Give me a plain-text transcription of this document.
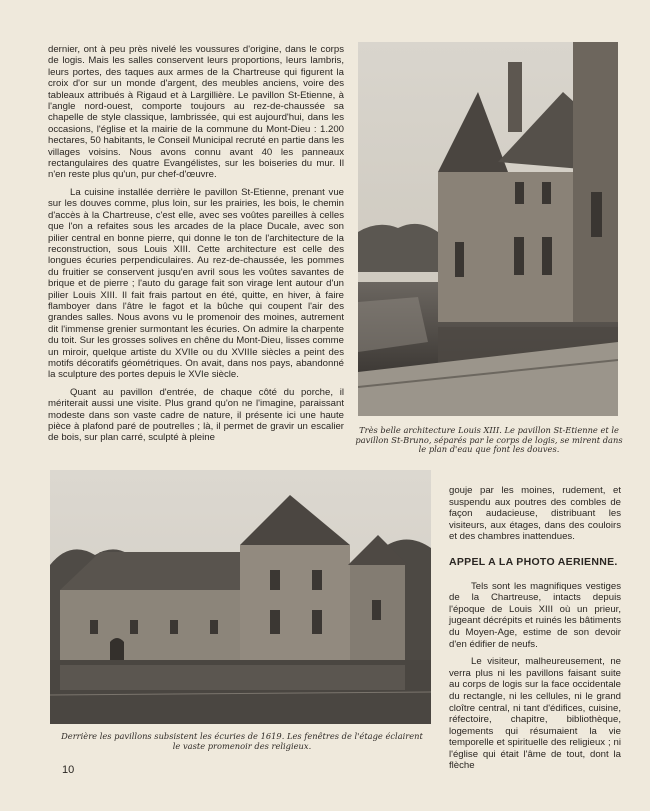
dernier, ont à peu près nivelé les voussures d'origine, dans le corps de logis. Mais les salles conservent leurs proportions, leurs lambris, leurs portes, des taques aux armes de la Chartreuse qui figurent la croix d'or sur un monde d'argent, des meubles anciens, voire des tableaux attribués à Rigaud et à Largillière. Le pavillon St-Etienne, à l'angle nord-ouest, comporte toujours au rez-de-chaussée sa chapelle de style classique, lambrissée, qui est aujourd'hui, dans les occasions, l'église et la mairie de la commune du Mont-Dieu : 1.200 hectares, 50 habitants, le Conseil Municipal recruté en partie dans les villages voisins. Nous avons connu avant 40 les panneaux rectangulaires des quatre Evangélistes, sur les boiseries du mur. Il n'en reste plus qu'un, pur chef-d'œuvre.

La cuisine installée derrière le pavillon St-Etienne, prenant vue sur les douves comme, plus loin, sur les prairies, les bois, le chemin d'accès à la Chartreuse, c'est elle, avec ses voûtes pareilles à celles que l'on a refaites sous les arcades de la place Ducale, avec son pilier central en bonne pierre, qui donne le ton de l'architecture de la reconstruction, sous Louis XIII. Cette architecture est celle des longues écuries perpendiculaires. Au rez-de-chaussée, les pommes du fruitier se conservent jusqu'en avril sous les voûtes savantes de brique et de pierre ; l'auto du garage fait son virage lent autour d'un pilier Louis XIII. Il fait frais partout en été, quitte, en hiver, à faire flamboyer dans l'âtre le fagot et la bûche qui coupent l'air des grandes salles. Nous avons vu le promenoir des moines, autrement dit l'immense grenier surmontant les écuries. On admire la charpente du toit. Sur les grosses solives en chêne du Mont-Dieu, lisses comme un miroir, quelque artiste du XVIIe ou du XVIIIe siècles a peint des motifs décoratifs géométriques. On avait, dans nos pays, abandonné la sculpture des portes depuis le XVIe siècle.

Quant au pavillon d'entrée, de chaque côté du porche, il mériterait aussi une visite. Plus grand qu'on ne l'imagine, paraissant modeste dans son vaste cadre de nature, il présente ici une haute pièce à plafond paré de poutrelles ; là, il permet de gravir un escalier de bois, sur plan carré, sculpté à pleine

Très belle architecture Louis XIII. Le pavillon St-Etienne et le pavillon St-Bruno, séparés par le corps de logis, se mirent dans le plan d'eau que font les douves.
Derrière les pavillons subsistent les écuries de 1619. Les fenêtres de l'étage éclairent le vaste promenoir des religieux.

gouje par les moines, rudement, et suspendu aux poutres des combles de façon audacieuse, distribuant les visiteurs, aux étages, dans des couloirs et des chambres inattendues.

APPEL A LA PHOTO AERIENNE.

Tels sont les magnifiques vestiges de la Chartreuse, intacts depuis l'époque de Louis XIII où un prieur, jugeant décrépits et ruinés les bâtiments du Moyen-Age, estime de son devoir d'en édifier de neufs.

Le visiteur, malheureusement, ne verra plus ni les pavillons faisant suite au corps de logis sur la face occidentale du rectangle, ni les cellules, ni le grand cloître central, ni tant d'édifices, cuisine, réfectoire, chapitre, bibliothèque, logements qui résumaient la vie temporelle et spirituelle des religieux ; ni l'église qui était l'âme de tout, dont la flèche

10
